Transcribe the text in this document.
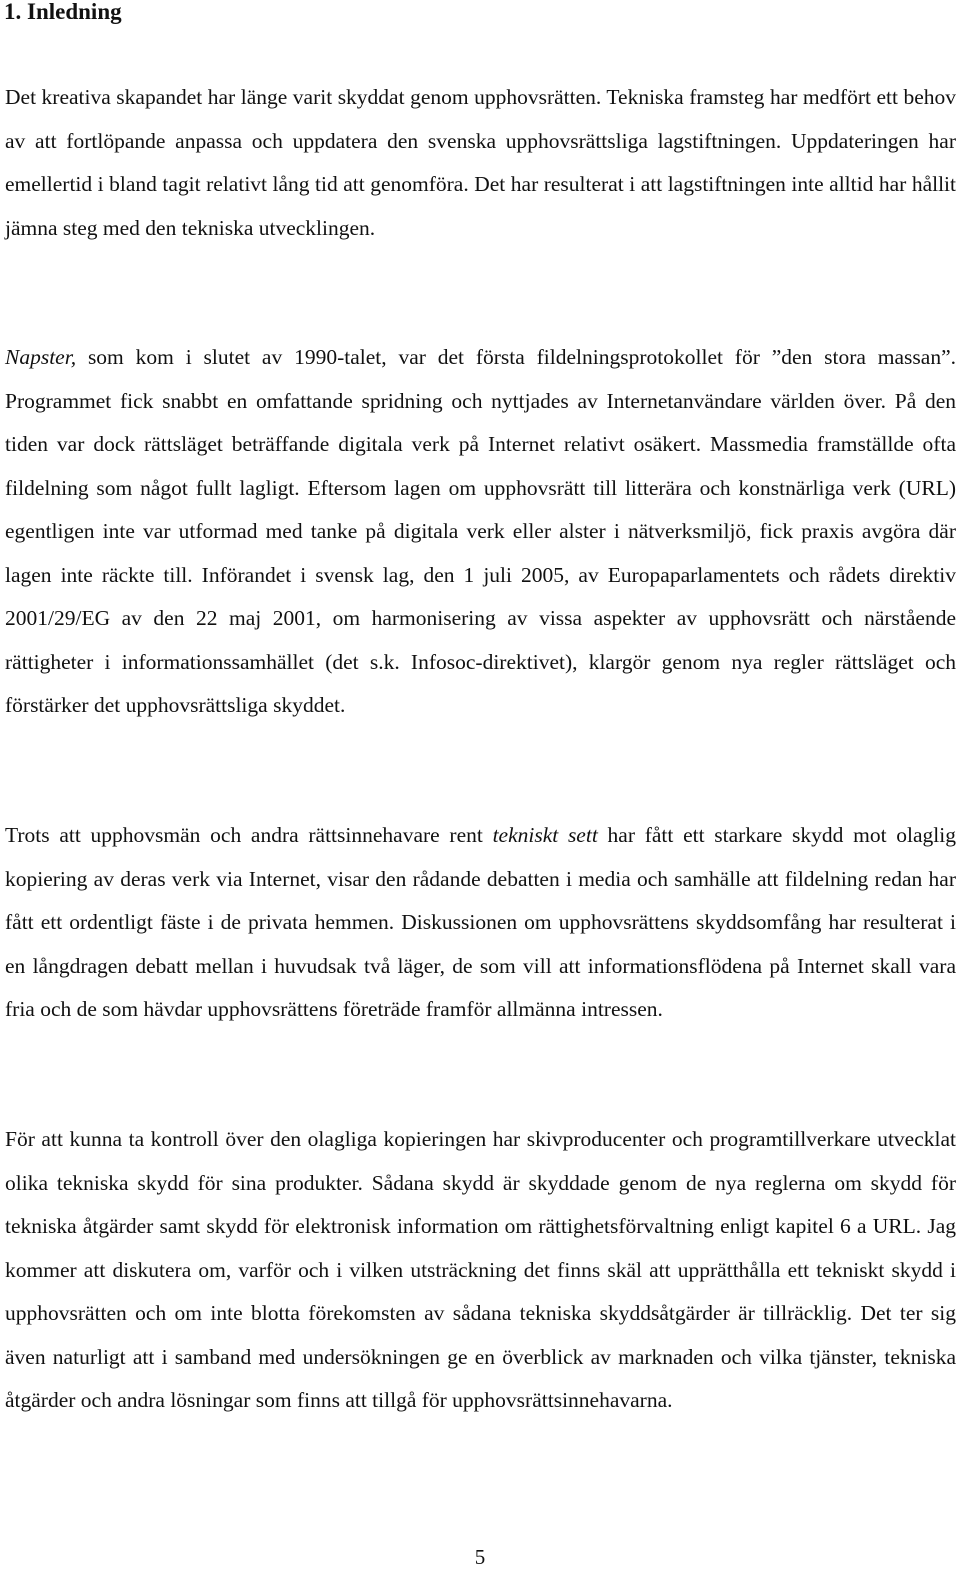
1. Inledning

Det kreativa skapandet har länge varit skyddat genom upphovsrätten. Tekniska framsteg har medfört ett behov av att fortlöpande anpassa och uppdatera den svenska upphovsrättsliga lagstiftningen. Uppdateringen har emellertid i bland tagit relativt lång tid att genomföra. Det har resulterat i att lagstiftningen inte alltid har hållit jämna steg med den tekniska utvecklingen.

Napster, som kom i slutet av 1990-talet, var det första fildelningsprotokollet för ”den stora massan”. Programmet fick snabbt en omfattande spridning och nyttjades av Internetanvändare världen över. På den tiden var dock rättsläget beträffande digitala verk på Internet relativt osäkert. Massmedia framställde ofta fildelning som något fullt lagligt. Eftersom lagen om upphovsrätt till litterära och konstnärliga verk (URL) egentligen inte var utformad med tanke på digitala verk eller alster i nätverksmiljö, fick praxis avgöra där lagen inte räckte till. Införandet i svensk lag, den 1 juli 2005, av Europaparlamentets och rådets direktiv 2001/29/EG av den 22 maj 2001, om harmonisering av vissa aspekter av upphovsrätt och närstående rättigheter i informationssamhället (det s.k. Infosoc-direktivet), klargör genom nya regler rättsläget och förstärker det upphovsrättsliga skyddet.

Trots att upphovsmän och andra rättsinnehavare rent tekniskt sett har fått ett starkare skydd mot olaglig kopiering av deras verk via Internet, visar den rådande debatten i media och samhälle att fildelning redan har fått ett ordentligt fäste i de privata hemmen. Diskussionen om upphovsrättens skyddsomfång har resulterat i en långdragen debatt mellan i huvudsak två läger, de som vill att informationsflödena på Internet skall vara fria och de som hävdar upphovsrättens företräde framför allmänna intressen.

För att kunna ta kontroll över den olagliga kopieringen har skivproducenter och programtillverkare utvecklat olika tekniska skydd för sina produkter. Sådana skydd är skyddade genom de nya reglerna om skydd för tekniska åtgärder samt skydd för elektronisk information om rättighetsförvaltning enligt kapitel 6 a URL. Jag kommer att diskutera om, varför och i vilken utsträckning det finns skäl att upprätthålla ett tekniskt skydd i upphovsrätten och om inte blotta förekomsten av sådana tekniska skyddsåtgärder är tillräcklig. Det ter sig även naturligt att i samband med undersökningen ge en överblick av marknaden och vilka tjänster, tekniska åtgärder och andra lösningar som finns att tillgå för upphovsrättsinnehavarna.

5
